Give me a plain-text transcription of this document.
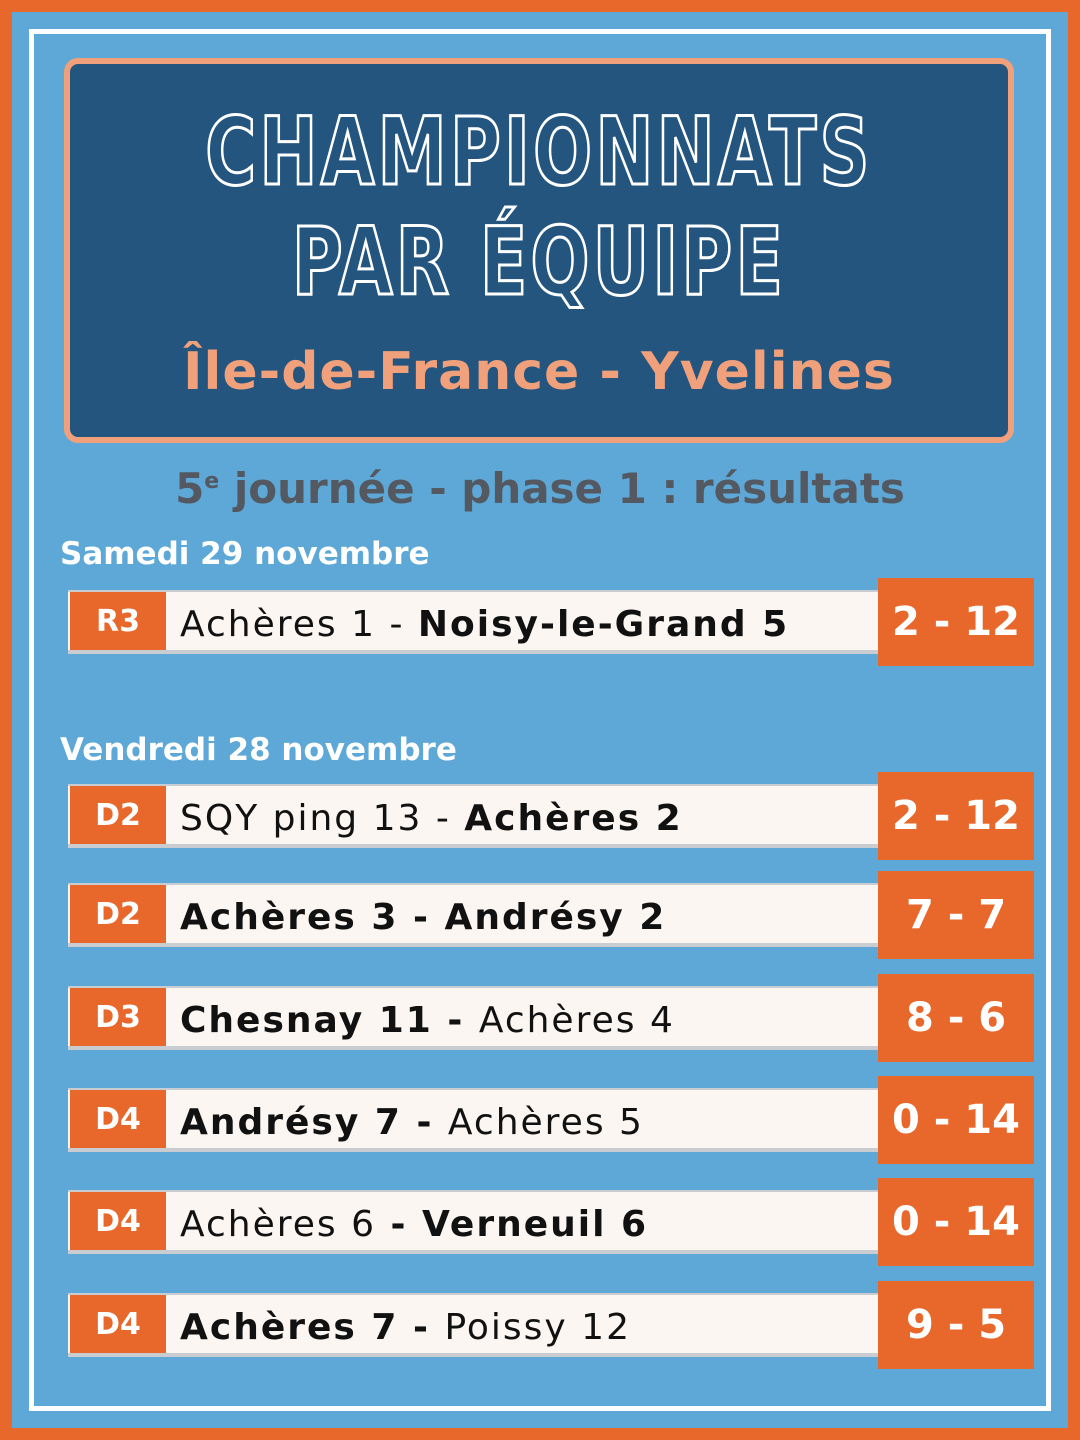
CHAMPIONNATS
PAR ÉQUIPE
Île-de-France - Yvelines
5e journée - phase 1 : résultats
Samedi 29 novembre
R3	Achères 1 - Noisy-le-Grand 5	2 - 12
Vendredi 28 novembre
D2	SQY ping 13 - Achères 2	2 - 12
D2	Achères 3 - Andrésy 2	7 - 7
D3	Chesnay 11 - Achères 4	8 - 6
D4	Andrésy 7 - Achères 5	0 - 14
D4	Achères 6 - Verneuil 6	0 - 14
D4	Achères 7 - Poissy 12	9 - 5
